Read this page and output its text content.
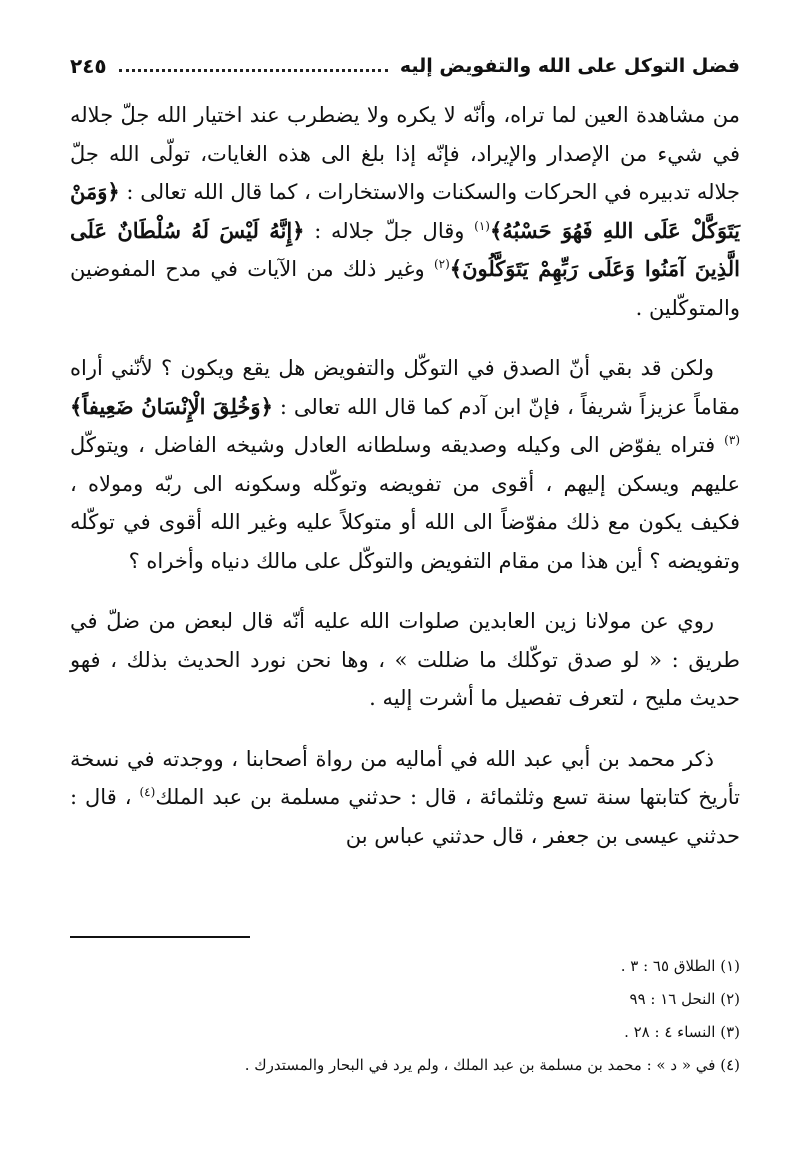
فضل التوكل على الله والتفويض إليه
٢٤٥

من مشاهدة العين لما تراه، وأنّه لا يكره ولا يضطرب عند اختيار الله جلّ جلاله في شيء من الإصدار والإيراد، فإنّه إذا بلغ الى هذه الغايات، تولّى الله جلّ جلاله تدبيره في الحركات والسكنات والاستخارات ، كما قال الله تعالى : ﴿وَمَنْ يَتَوَكَّلْ عَلَى اللهِ فَهُوَ حَسْبُهُ﴾$^{(١)}$ وقال جلّ جلاله : ﴿إِنَّهُ لَيْسَ لَهُ سُلْطَانٌ عَلَى الَّذِينَ آمَنُوا وَعَلَى رَبِّهِمْ يَتَوَكَّلُونَ﴾$^{(٢)}$ وغير ذلك من الآيات في مدح المفوضين والمتوكّلين .

ولكن قد بقي أنّ الصدق في التوكّل والتفويض هل يقع ويكون ؟ لأنّني أراه مقاماً عزيزاً شريفاً ، فإنّ ابن آدم كما قال الله تعالى : ﴿وَخُلِقَ الْإِنْسَانُ ضَعِيفاً﴾$^{(٣)}$ فتراه يفوّض الى وكيله وصديقه وسلطانه العادل وشيخه الفاضل ، ويتوكّل عليهم ويسكن إليهم ، أقوى من تفويضه وتوكّله وسكونه الى ربّه ومولاه ، فكيف يكون مع ذلك مفوّضاً الى الله أو متوكلاً عليه وغير الله أقوى في توكّله وتفويضه ؟ أين هذا من مقام التفويض والتوكّل على مالك دنياه وأخراه ؟

روي عن مولانا زين العابدين صلوات الله عليه أنّه قال لبعض من ضلّ في طريق : « لو صدق توكّلك ما ضللت » ، وها نحن نورد الحديث بذلك ، فهو حديث مليح ، لتعرف تفصيل ما أشرت إليه .

ذكر محمد بن أبي عبد الله في أماليه من رواة أصحابنا ، ووجدته في نسخة تأريخ كتابتها سنة تسع وثلثمائة ، قال : حدثني مسلمة بن عبد الملك$^{(٤)}$ ، قال : حدثني عيسى بن جعفر ، قال حدثني عباس بن

(١) الطلاق ٦٥ : ٣ .
(٢) النحل ١٦ : ٩٩
(٣) النساء ٤ : ٢٨ .
(٤) في « د » : محمد بن مسلمة بن عبد الملك ، ولم يرد في البحار والمستدرك .
